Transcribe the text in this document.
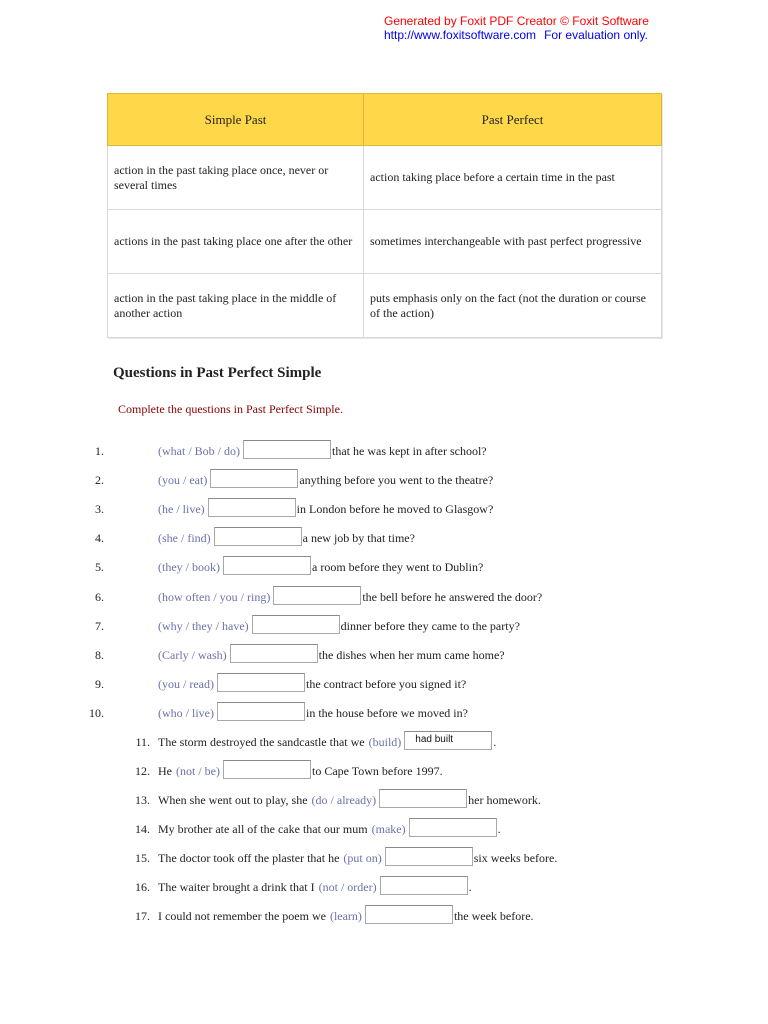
Generated by Foxit PDF Creator © Foxit Software
http://www.foxitsoftware.com For evaluation only.
Simple Past	Past Perfect
action in the past taking place once, never or several times	action taking place before a certain time in the past
actions in the past taking place one after the other	sometimes interchangeable with past perfect progressive
action in the past taking place in the middle of another action	puts emphasis only on the fact (not the duration or course of the action)
Questions in Past Perfect Simple
Complete the questions in Past Perfect Simple.
1.	(what / Bob / do)	that he was kept in after school?
2.	(you / eat)	anything before you went to the theatre?
3.	(he / live)	in London before he moved to Glasgow?
4.	(she / find)	a new job by that time?
5.	(they / book)	a room before they went to Dublin?
6.	(how often / you / ring)	the bell before he answered the door?
7.	(why / they / have)	dinner before they came to the party?
8.	(Carly / wash)	the dishes when her mum came home?
9.	(you / read)	the contract before you signed it?
10.	(who / live)	in the house before we moved in?
11. The storm destroyed the sandcastle that we (build)	had built	.
12. He (not / be)	to Cape Town before 1997.
13. When she went out to play, she (do / already)	her homework.
14. My brother ate all of the cake that our mum (make)	.
15. The doctor took off the plaster that he (put on)	six weeks before.
16. The waiter brought a drink that I (not / order)	.
17. I could not remember the poem we (learn)	the week before.
